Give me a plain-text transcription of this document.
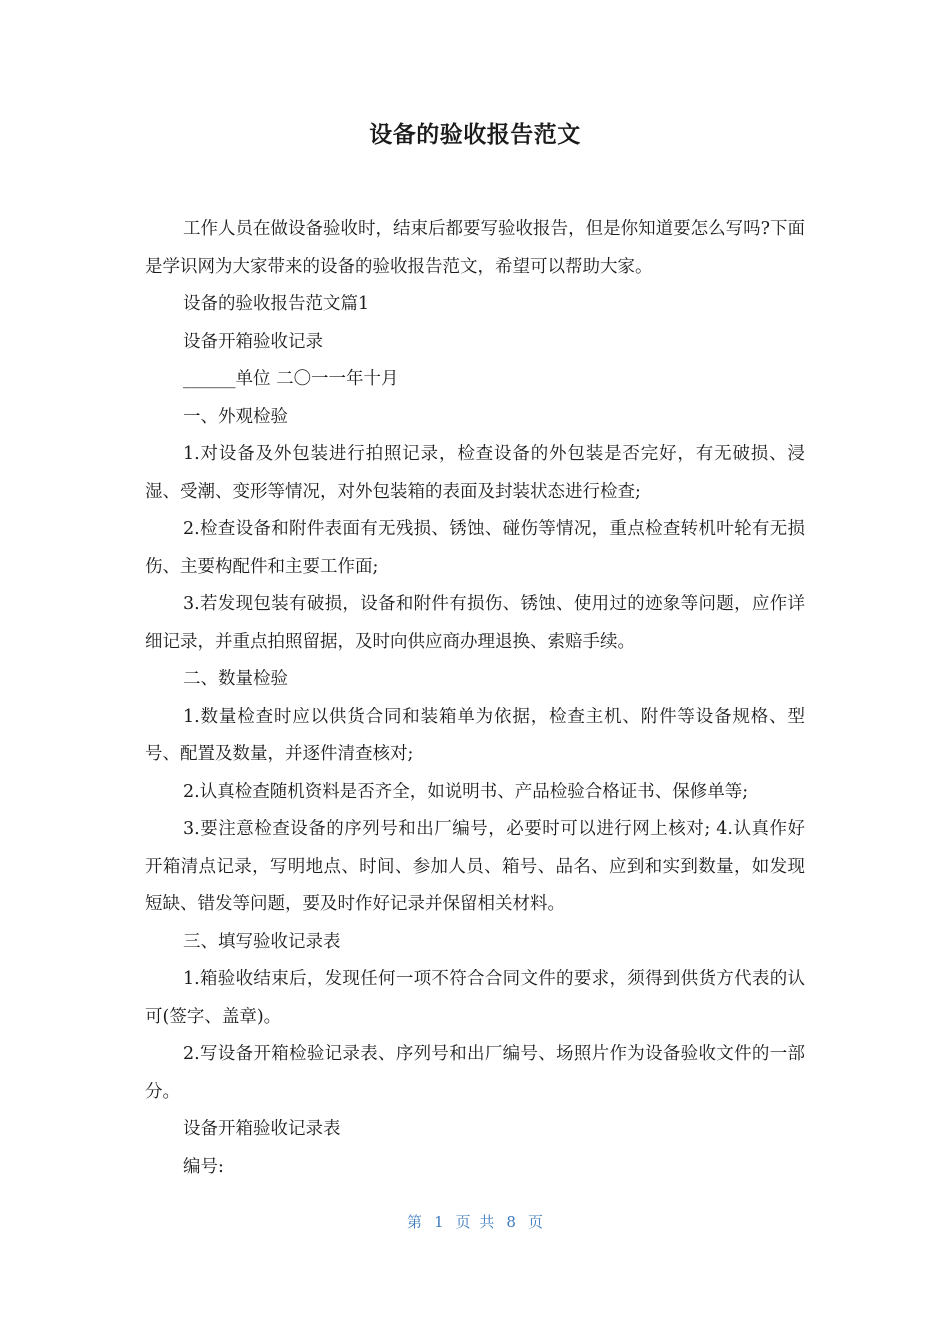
设备的验收报告范文

工作人员在做设备验收时，结束后都要写验收报告，但是你知道要怎么写吗?下面是学识网为大家带来的设备的验收报告范文，希望可以帮助大家。

设备的验收报告范文篇1

设备开箱验收记录

______单位 二〇一一年十月

一、外观检验

1.对设备及外包装进行拍照记录，检查设备的外包装是否完好，有无破损、浸湿、受潮、变形等情况，对外包装箱的表面及封装状态进行检查;

2.检查设备和附件表面有无残损、锈蚀、碰伤等情况，重点检查转机叶轮有无损伤、主要构配件和主要工作面;

3.若发现包装有破损，设备和附件有损伤、锈蚀、使用过的迹象等问题，应作详细记录，并重点拍照留据，及时向供应商办理退换、索赔手续。

二、数量检验

1.数量检查时应以供货合同和装箱单为依据，检查主机、附件等设备规格、型号、配置及数量，并逐件清查核对;

2.认真检查随机资料是否齐全，如说明书、产品检验合格证书、保修单等;

3.要注意检查设备的序列号和出厂编号，必要时可以进行网上核对; 4.认真作好开箱清点记录，写明地点、时间、参加人员、箱号、品名、应到和实到数量，如发现短缺、错发等问题，要及时作好记录并保留相关材料。

三、填写验收记录表

1.箱验收结束后，发现任何一项不符合合同文件的要求，须得到供货方代表的认可(签字、盖章)。

2.写设备开箱检验记录表、序列号和出厂编号、场照片作为设备验收文件的一部分。

设备开箱验收记录表

编号:

第 1 页 共 8 页
